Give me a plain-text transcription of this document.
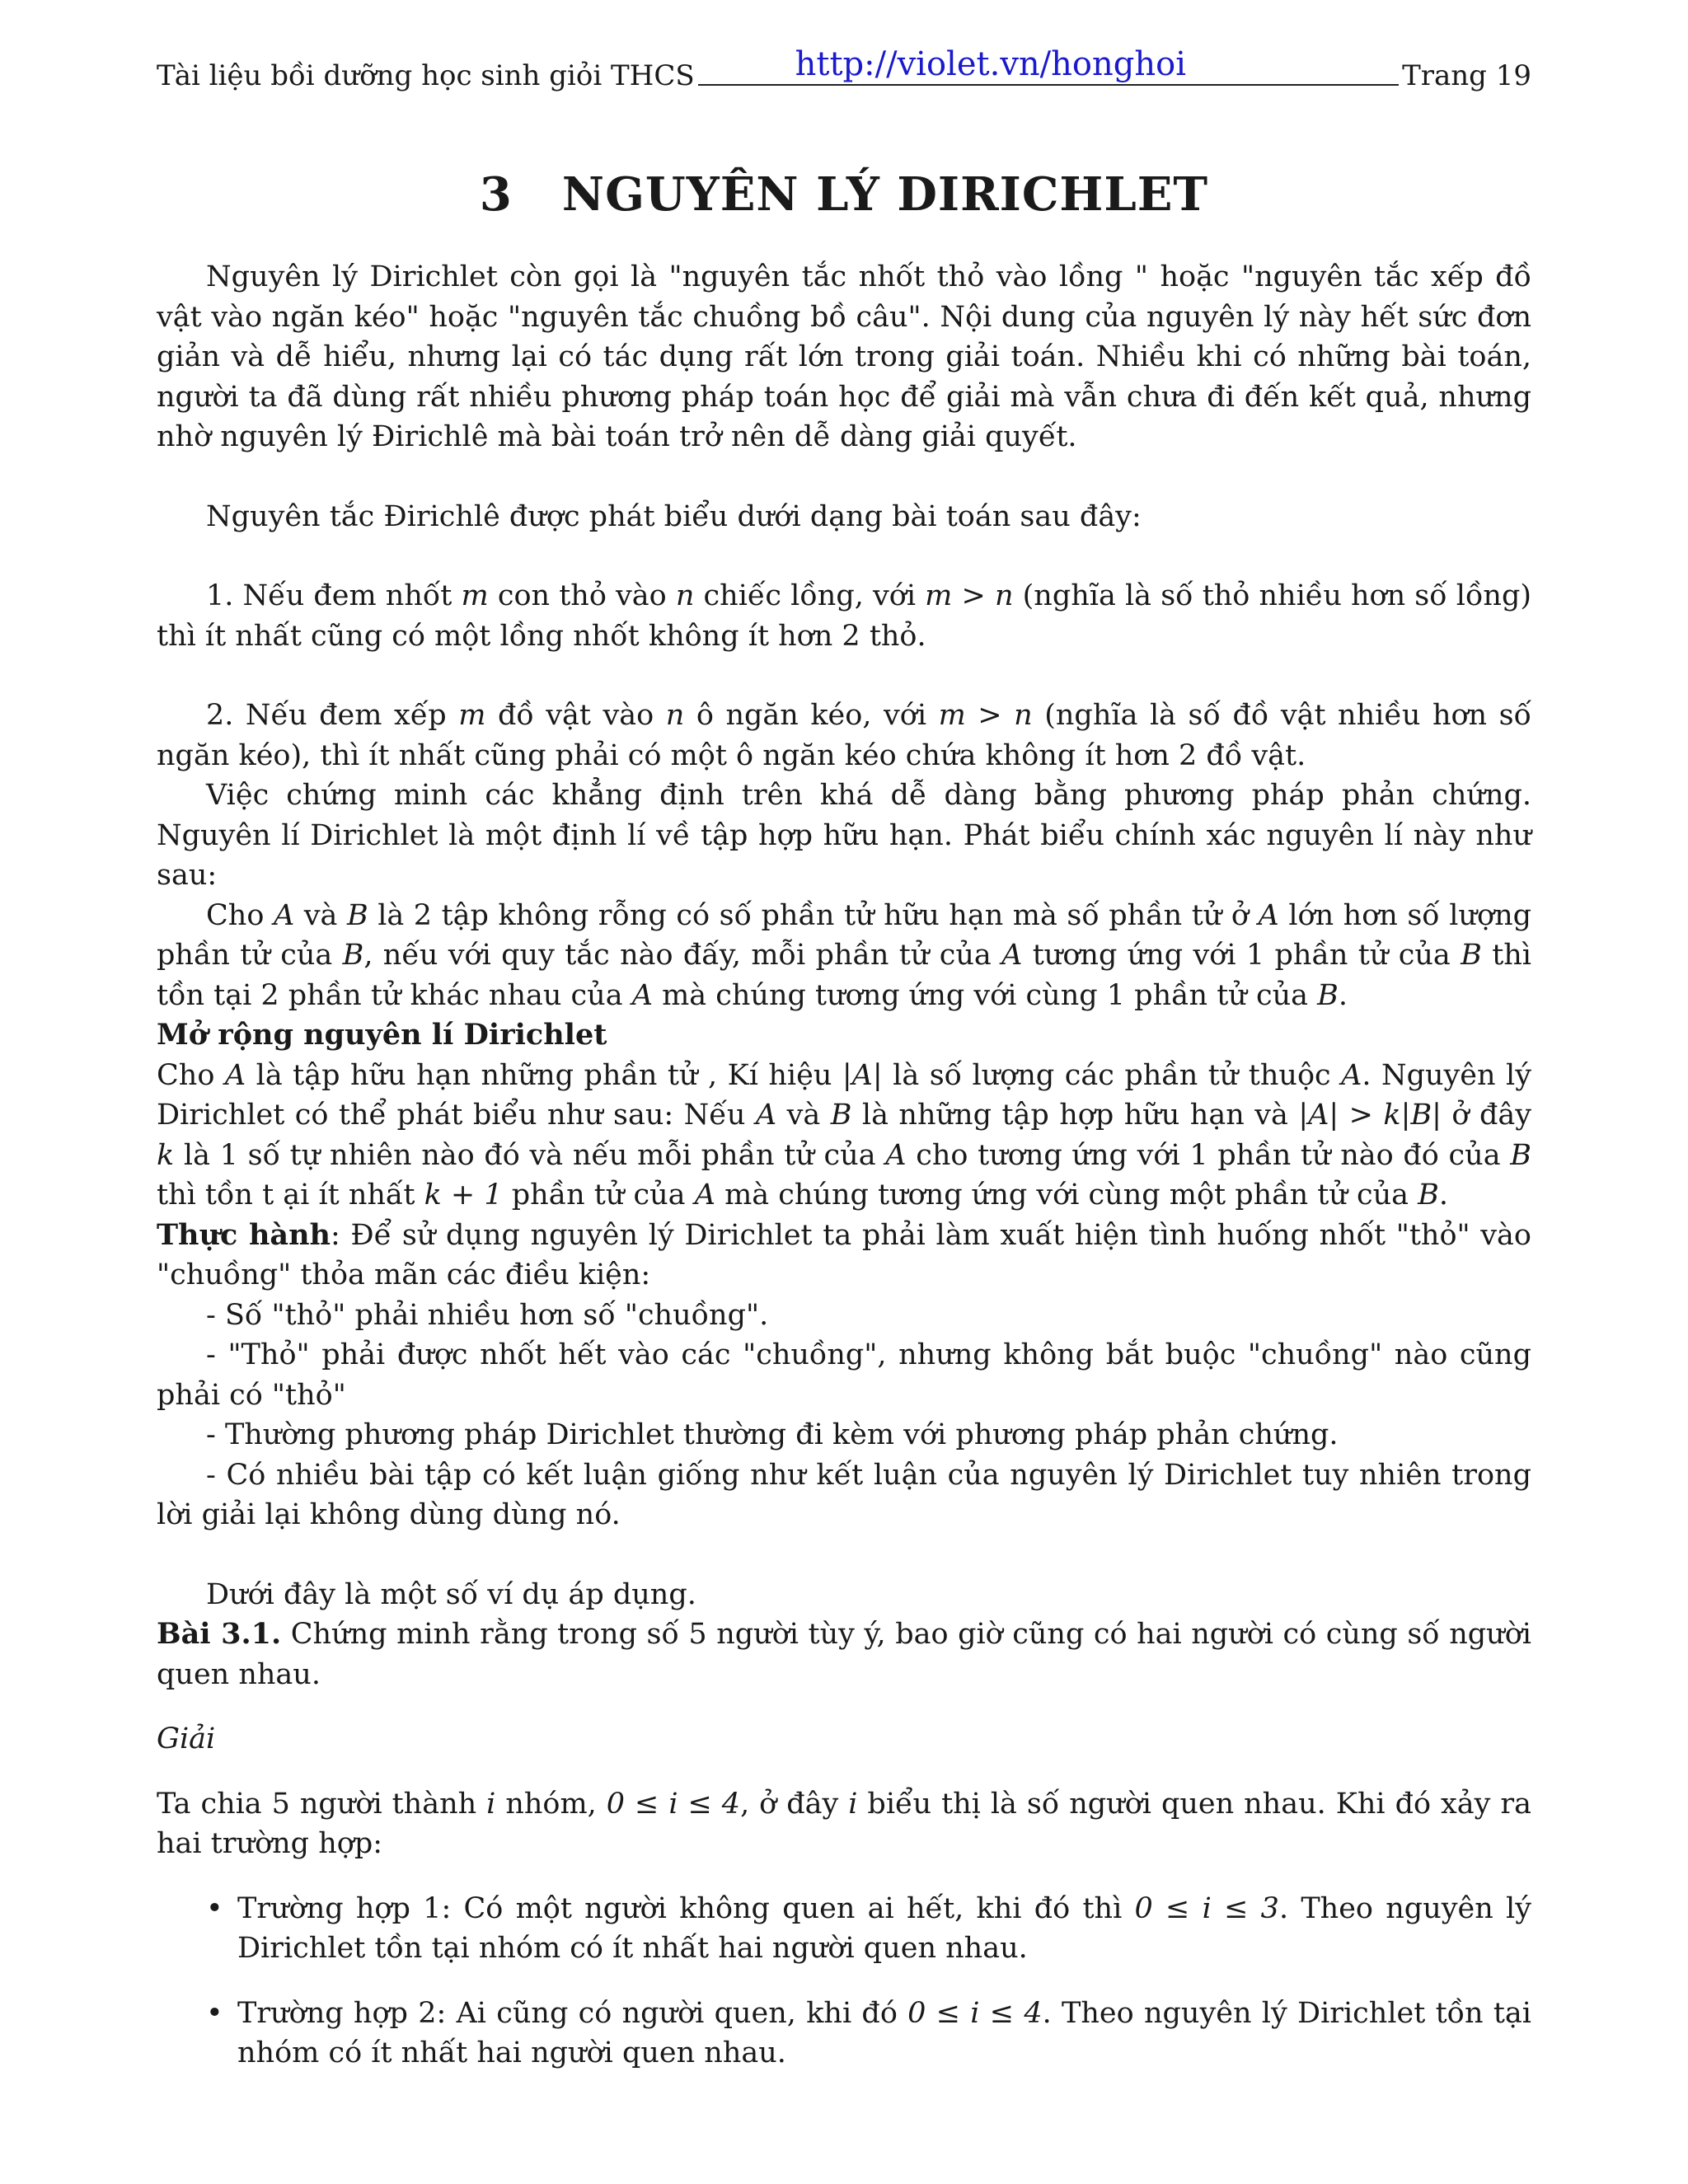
Tài liệu bồi dưỡng học sinh giỏi THCS	http://violet.vn/honghoi	Trang 19
3 NGUYÊN LÝ DIRICHLET

Nguyên lý Dirichlet còn gọi là "nguyên tắc nhốt thỏ vào lồng " hoặc "nguyên tắc xếp đồ vật vào ngăn kéo" hoặc "nguyên tắc chuồng bồ câu". Nội dung của nguyên lý này hết sức đơn giản và dễ hiểu, nhưng lại có tác dụng rất lớn trong giải toán. Nhiều khi có những bài toán, người ta đã dùng rất nhiều phương pháp toán học để giải mà vẫn chưa đi đến kết quả, nhưng nhờ nguyên lý Đirichlê mà bài toán trở nên dễ dàng giải quyết.

Nguyên tắc Đirichlê được phát biểu dưới dạng bài toán sau đây:

1. Nếu đem nhốt m con thỏ vào n chiếc lồng, với m > n (nghĩa là số thỏ nhiều hơn số lồng) thì ít nhất cũng có một lồng nhốt không ít hơn 2 thỏ.

2. Nếu đem xếp m đồ vật vào n ô ngăn kéo, với m > n (nghĩa là số đồ vật nhiều hơn số ngăn kéo), thì ít nhất cũng phải có một ô ngăn kéo chứa không ít hơn 2 đồ vật.

Việc chứng minh các khẳng định trên khá dễ dàng bằng phương pháp phản chứng. Nguyên lí Dirichlet là một định lí về tập hợp hữu hạn. Phát biểu chính xác nguyên lí này như sau:

Cho A và B là 2 tập không rỗng có số phần tử hữu hạn mà số phần tử ở A lớn hơn số lượng phần tử của B, nếu với quy tắc nào đấy, mỗi phần tử của A tương ứng với 1 phần tử của B thì tồn tại 2 phần tử khác nhau của A mà chúng tương ứng với cùng 1 phần tử của B.

Mở rộng nguyên lí Dirichlet

Cho A là tập hữu hạn những phần tử , Kí hiệu |A| là số lượng các phần tử thuộc A. Nguyên lý Dirichlet có thể phát biểu như sau: Nếu A và B là những tập hợp hữu hạn và |A| > k|B| ở đây k là 1 số tự nhiên nào đó và nếu mỗi phần tử của A cho tương ứng với 1 phần tử nào đó của B thì tồn t ại ít nhất k + 1 phần tử của A mà chúng tương ứng với cùng một phần tử của B.

Thực hành: Để sử dụng nguyên lý Dirichlet ta phải làm xuất hiện tình huống nhốt "thỏ" vào "chuồng" thỏa mãn các điều kiện:

- Số "thỏ" phải nhiều hơn số "chuồng".

- "Thỏ" phải được nhốt hết vào các "chuồng", nhưng không bắt buộc "chuồng" nào cũng phải có "thỏ"

- Thường phương pháp Dirichlet thường đi kèm với phương pháp phản chứng.

- Có nhiều bài tập có kết luận giống như kết luận của nguyên lý Dirichlet tuy nhiên trong lời giải lại không dùng dùng nó.

Dưới đây là một số ví dụ áp dụng.

Bài 3.1. Chứng minh rằng trong số 5 người tùy ý, bao giờ cũng có hai người có cùng số người quen nhau.

Giải

Ta chia 5 người thành i nhóm, 0 ≤ i ≤ 4, ở đây i biểu thị là số người quen nhau. Khi đó xảy ra hai trường hợp:

• Trường hợp 1: Có một người không quen ai hết, khi đó thì 0 ≤ i ≤ 3. Theo nguyên lý Dirichlet tồn tại nhóm có ít nhất hai người quen nhau.
• Trường hợp 2: Ai cũng có người quen, khi đó 0 ≤ i ≤ 4. Theo nguyên lý Dirichlet tồn tại nhóm có ít nhất hai người quen nhau.
